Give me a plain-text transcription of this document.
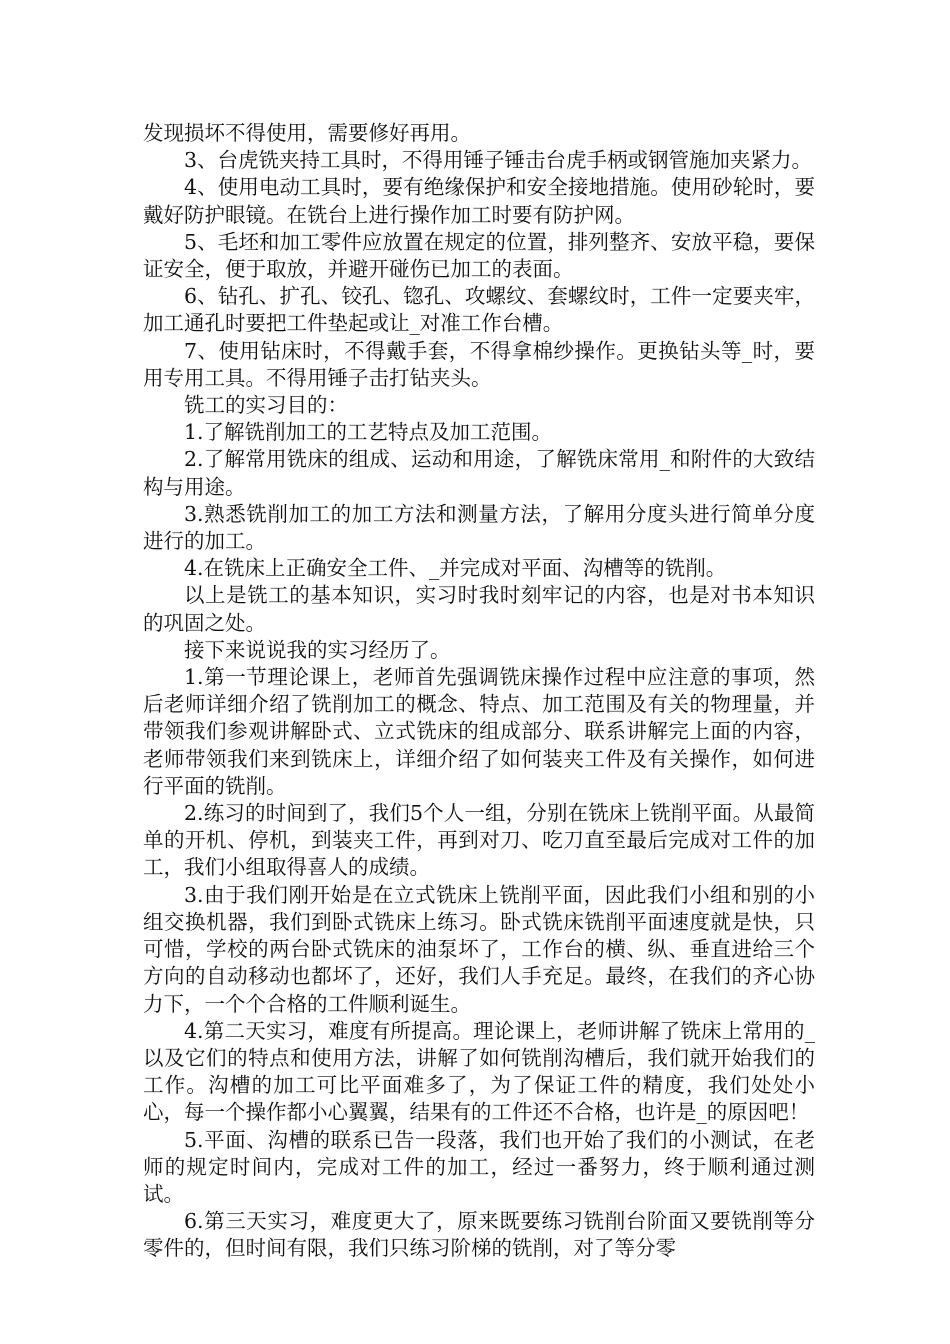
发现损坏不得使用，需要修好再用。

3、台虎铣夹持工具时，不得用锤子锤击台虎手柄或钢管施加夹紧力。

4、使用电动工具时，要有绝缘保护和安全接地措施。使用砂轮时，要戴好防护眼镜。在铣台上进行操作加工时要有防护网。

5、毛坯和加工零件应放置在规定的位置，排列整齐、安放平稳，要保证安全，便于取放，并避开碰伤已加工的表面。

6、钻孔、扩孔、铰孔、锪孔、攻螺纹、套螺纹时，工件一定要夹牢，加工通孔时要把工件垫起或让_对准工作台槽。

7、使用钻床时，不得戴手套，不得拿棉纱操作。更换钻头等_时，要用专用工具。不得用锤子击打钻夹头。

铣工的实习目的：

1.了解铣削加工的工艺特点及加工范围。

2.了解常用铣床的组成、运动和用途，了解铣床常用_和附件的大致结构与用途。

3.熟悉铣削加工的加工方法和测量方法，了解用分度头进行简单分度进行的加工。

4.在铣床上正确安全工件、_并完成对平面、沟槽等的铣削。

以上是铣工的基本知识，实习时我时刻牢记的内容，也是对书本知识的巩固之处。

接下来说说我的实习经历了。

1.第一节理论课上，老师首先强调铣床操作过程中应注意的事项，然后老师详细介绍了铣削加工的概念、特点、加工范围及有关的物理量，并带领我们参观讲解卧式、立式铣床的组成部分、联系讲解完上面的内容，老师带领我们来到铣床上，详细介绍了如何装夹工件及有关操作，如何进行平面的铣削。

2.练习的时间到了，我们5个人一组，分别在铣床上铣削平面。从最简单的开机、停机，到装夹工件，再到对刀、吃刀直至最后完成对工件的加工，我们小组取得喜人的成绩。

3.由于我们刚开始是在立式铣床上铣削平面，因此我们小组和别的小组交换机器，我们到卧式铣床上练习。卧式铣床铣削平面速度就是快，只可惜，学校的两台卧式铣床的油泵坏了，工作台的横、纵、垂直进给三个方向的自动移动也都坏了，还好，我们人手充足。最终，在我们的齐心协力下，一个个合格的工件顺利诞生。

4.第二天实习，难度有所提高。理论课上，老师讲解了铣床上常用的_以及它们的特点和使用方法，讲解了如何铣削沟槽后，我们就开始我们的工作。沟槽的加工可比平面难多了，为了保证工件的精度，我们处处小心，每一个操作都小心翼翼，结果有的工件还不合格，也许是_的原因吧！

5.平面、沟槽的联系已告一段落，我们也开始了我们的小测试，在老师的规定时间内，完成对工件的加工，经过一番努力，终于顺利通过测试。

6.第三天实习，难度更大了，原来既要练习铣削台阶面又要铣削等分零件的，但时间有限，我们只练习阶梯的铣削，对了等分零
